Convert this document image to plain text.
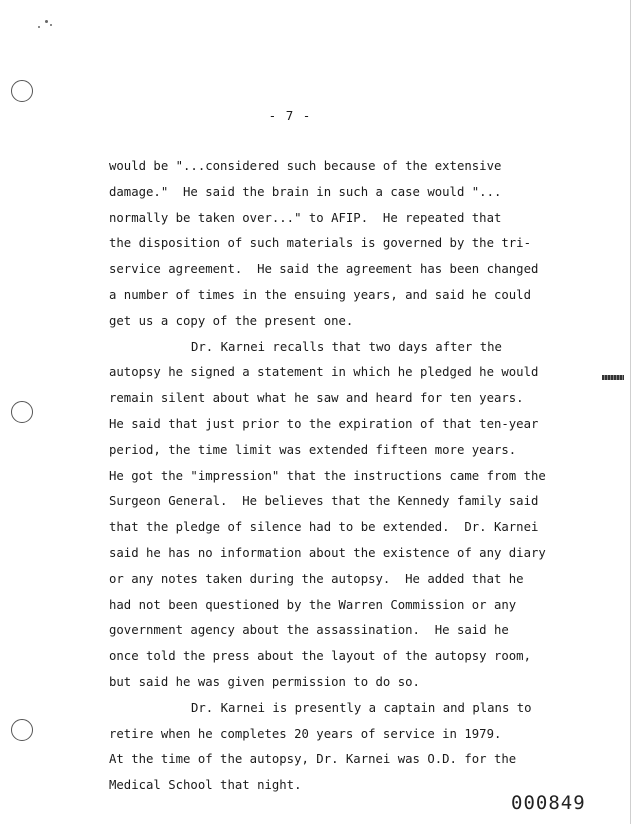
- 7 -
would be "...considered such because of the extensive
damage."  He said the brain in such a case would "...
normally be taken over..." to AFIP.  He repeated that
the disposition of such materials is governed by the tri-
service agreement.  He said the agreement has been changed
a number of times in the ensuing years, and said he could
get us a copy of the present one.
Dr. Karnei recalls that two days after the
autopsy he signed a statement in which he pledged he would
remain silent about what he saw and heard for ten years.
He said that just prior to the expiration of that ten-year
period, the time limit was extended fifteen more years.
He got the "impression" that the instructions came from the
Surgeon General.  He believes that the Kennedy family said
that the pledge of silence had to be extended.  Dr. Karnei
said he has no information about the existence of any diary
or any notes taken during the autopsy.  He added that he
had not been questioned by the Warren Commission or any
government agency about the assassination.  He said he
once told the press about the layout of the autopsy room,
but said he was given permission to do so.
Dr. Karnei is presently a captain and plans to
retire when he completes 20 years of service in 1979.
At the time of the autopsy, Dr. Karnei was O.D. for the
Medical School that night.
000849
